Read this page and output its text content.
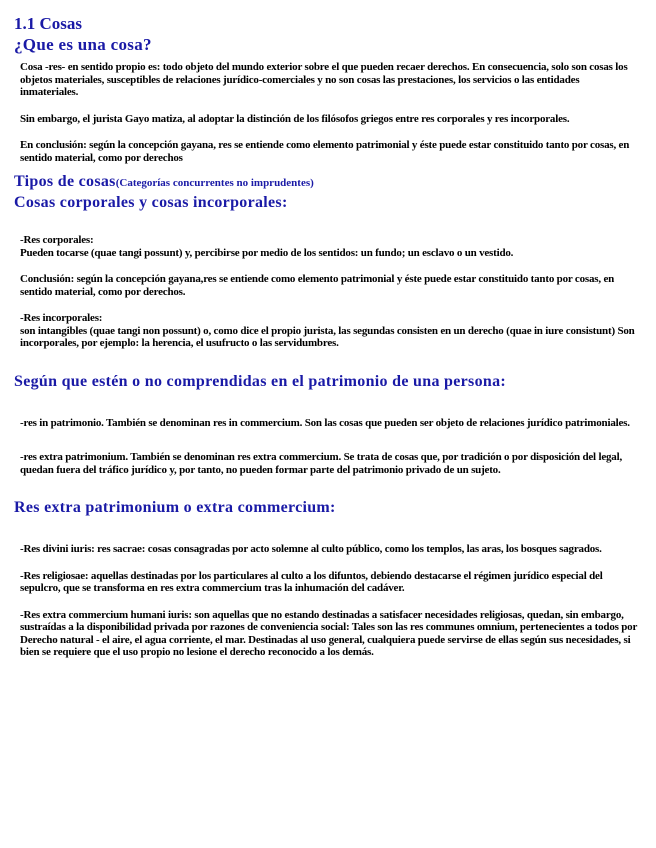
1.1 Cosas
¿Que es una cosa?

Cosa -res- en sentido propio es: todo objeto del mundo exterior sobre el que pueden recaer derechos. En consecuencia, solo son cosas los objetos materiales, susceptibles de relaciones jurídico-comerciales y no son cosas las prestaciones, los servicios o las entidades inmateriales.

Sin embargo, el jurista Gayo matiza, al adoptar la distinción de los filósofos griegos entre res corporales y res incorporales.

En conclusión: según la concepción gayana, res se entiende como elemento patrimonial y éste puede estar constituido tanto por cosas, en sentido material, como por derechos

Tipos de cosas(Categorías concurrentes no imprudentes)
Cosas corporales y cosas incorporales:

-Res corporales:

Pueden tocarse (quae tangi possunt) y, percibirse por medio de los sentidos: un fundo; un esclavo o un vestido.

Conclusión: según la concepción gayana,res se entiende como elemento patrimonial y éste puede estar constituido tanto por cosas, en sentido material, como por derechos.

-Res incorporales:

son intangibles (quae tangi non possunt) o, como dice el propio jurista, las segundas consisten en un derecho (quae in iure consistunt) Son incorporales, por ejemplo: la herencia, el usufructo o las servidumbres.

Según que estén o no comprendidas en el patrimonio de una persona:

-res in patrimonio. También se denominan res in commercium. Son las cosas que pueden ser objeto de relaciones jurídico patrimoniales.

-res extra patrimonium. También se denominan res extra commercium. Se trata de cosas que, por tradición o por disposición del legal, quedan fuera del tráfico jurídico y, por tanto, no pueden formar parte del patrimonio privado de un sujeto.

Res extra patrimonium o extra commercium:

-Res divini iuris: res sacrae: cosas consagradas por acto solemne al culto público, como los templos, las aras, los bosques sagrados.

-Res religiosae: aquellas destinadas por los particulares al culto a los difuntos, debiendo destacarse el régimen jurídico especial del sepulcro, que se transforma en res extra commercium tras la inhumación del cadáver.

-Res extra commercium humani iuris: son aquellas que no estando destinadas a satisfacer necesidades religiosas, quedan, sin embargo, sustraídas a la disponibilidad privada por razones de conveniencia social: Tales son las res communes omnium, pertenecientes a todos por Derecho natural - el aire, el agua corriente, el mar. Destinadas al uso general, cualquiera puede servirse de ellas según sus necesidades, si bien se requiere que el uso propio no lesione el derecho reconocido a los demás.
